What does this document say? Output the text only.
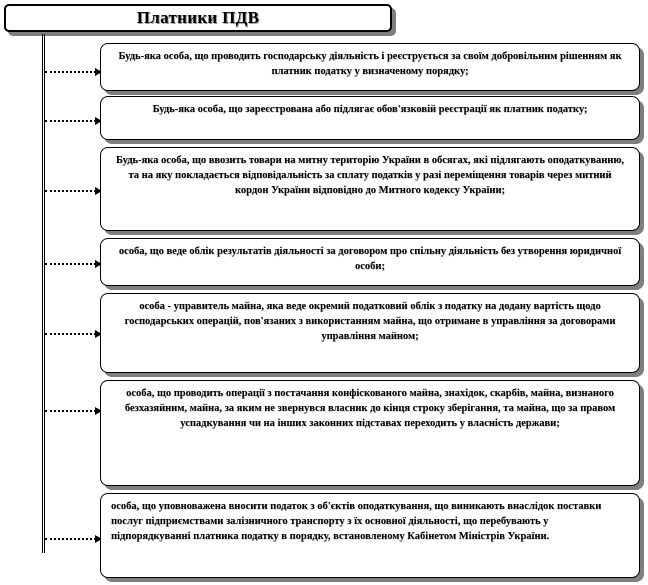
Платники ПДВ
Будь-яка особа, що проводить господарську діяльність і реєструється за своїм добровільним рішенням як платник податку у визначеному порядку;
Будь-яка особа, що зареєстрована або підлягає обов'язковій реєстрації як платник податку;
Будь-яка особа, що ввозить товари на митну територію України в обсягах, які підлягають оподаткуванню, та на яку покладається відповідальність за сплату податків у разі переміщення товарів через митний кордон України відповідно до Митного кодексу України;
особа, що веде облік результатів діяльності за договором про спільну діяльність без утворення юридичної особи;
особа - управитель майна, яка веде окремий податковий облік з податку на додану вартість щодо господарських операцій, пов'язаних з використанням майна, що отримане в управління за договорами управління майном;
особа, що проводить операції з постачання конфіскованого майна, знахідок, скарбів, майна, визнаного безхазяйним, майна, за яким не звернувся власник до кінця строку зберігання, та майна, що за правом успадкування чи на інших законних підставах переходить у власність держави;
особа, що уповноважена вносити податок з об'єктів оподаткування, що виникають внаслідок поставки послуг підприємствами залізничного транспорту з їх основної діяльності, що перебувають у підпорядкуванні платника податку в порядку, встановленому Кабінетом Міністрів України.
